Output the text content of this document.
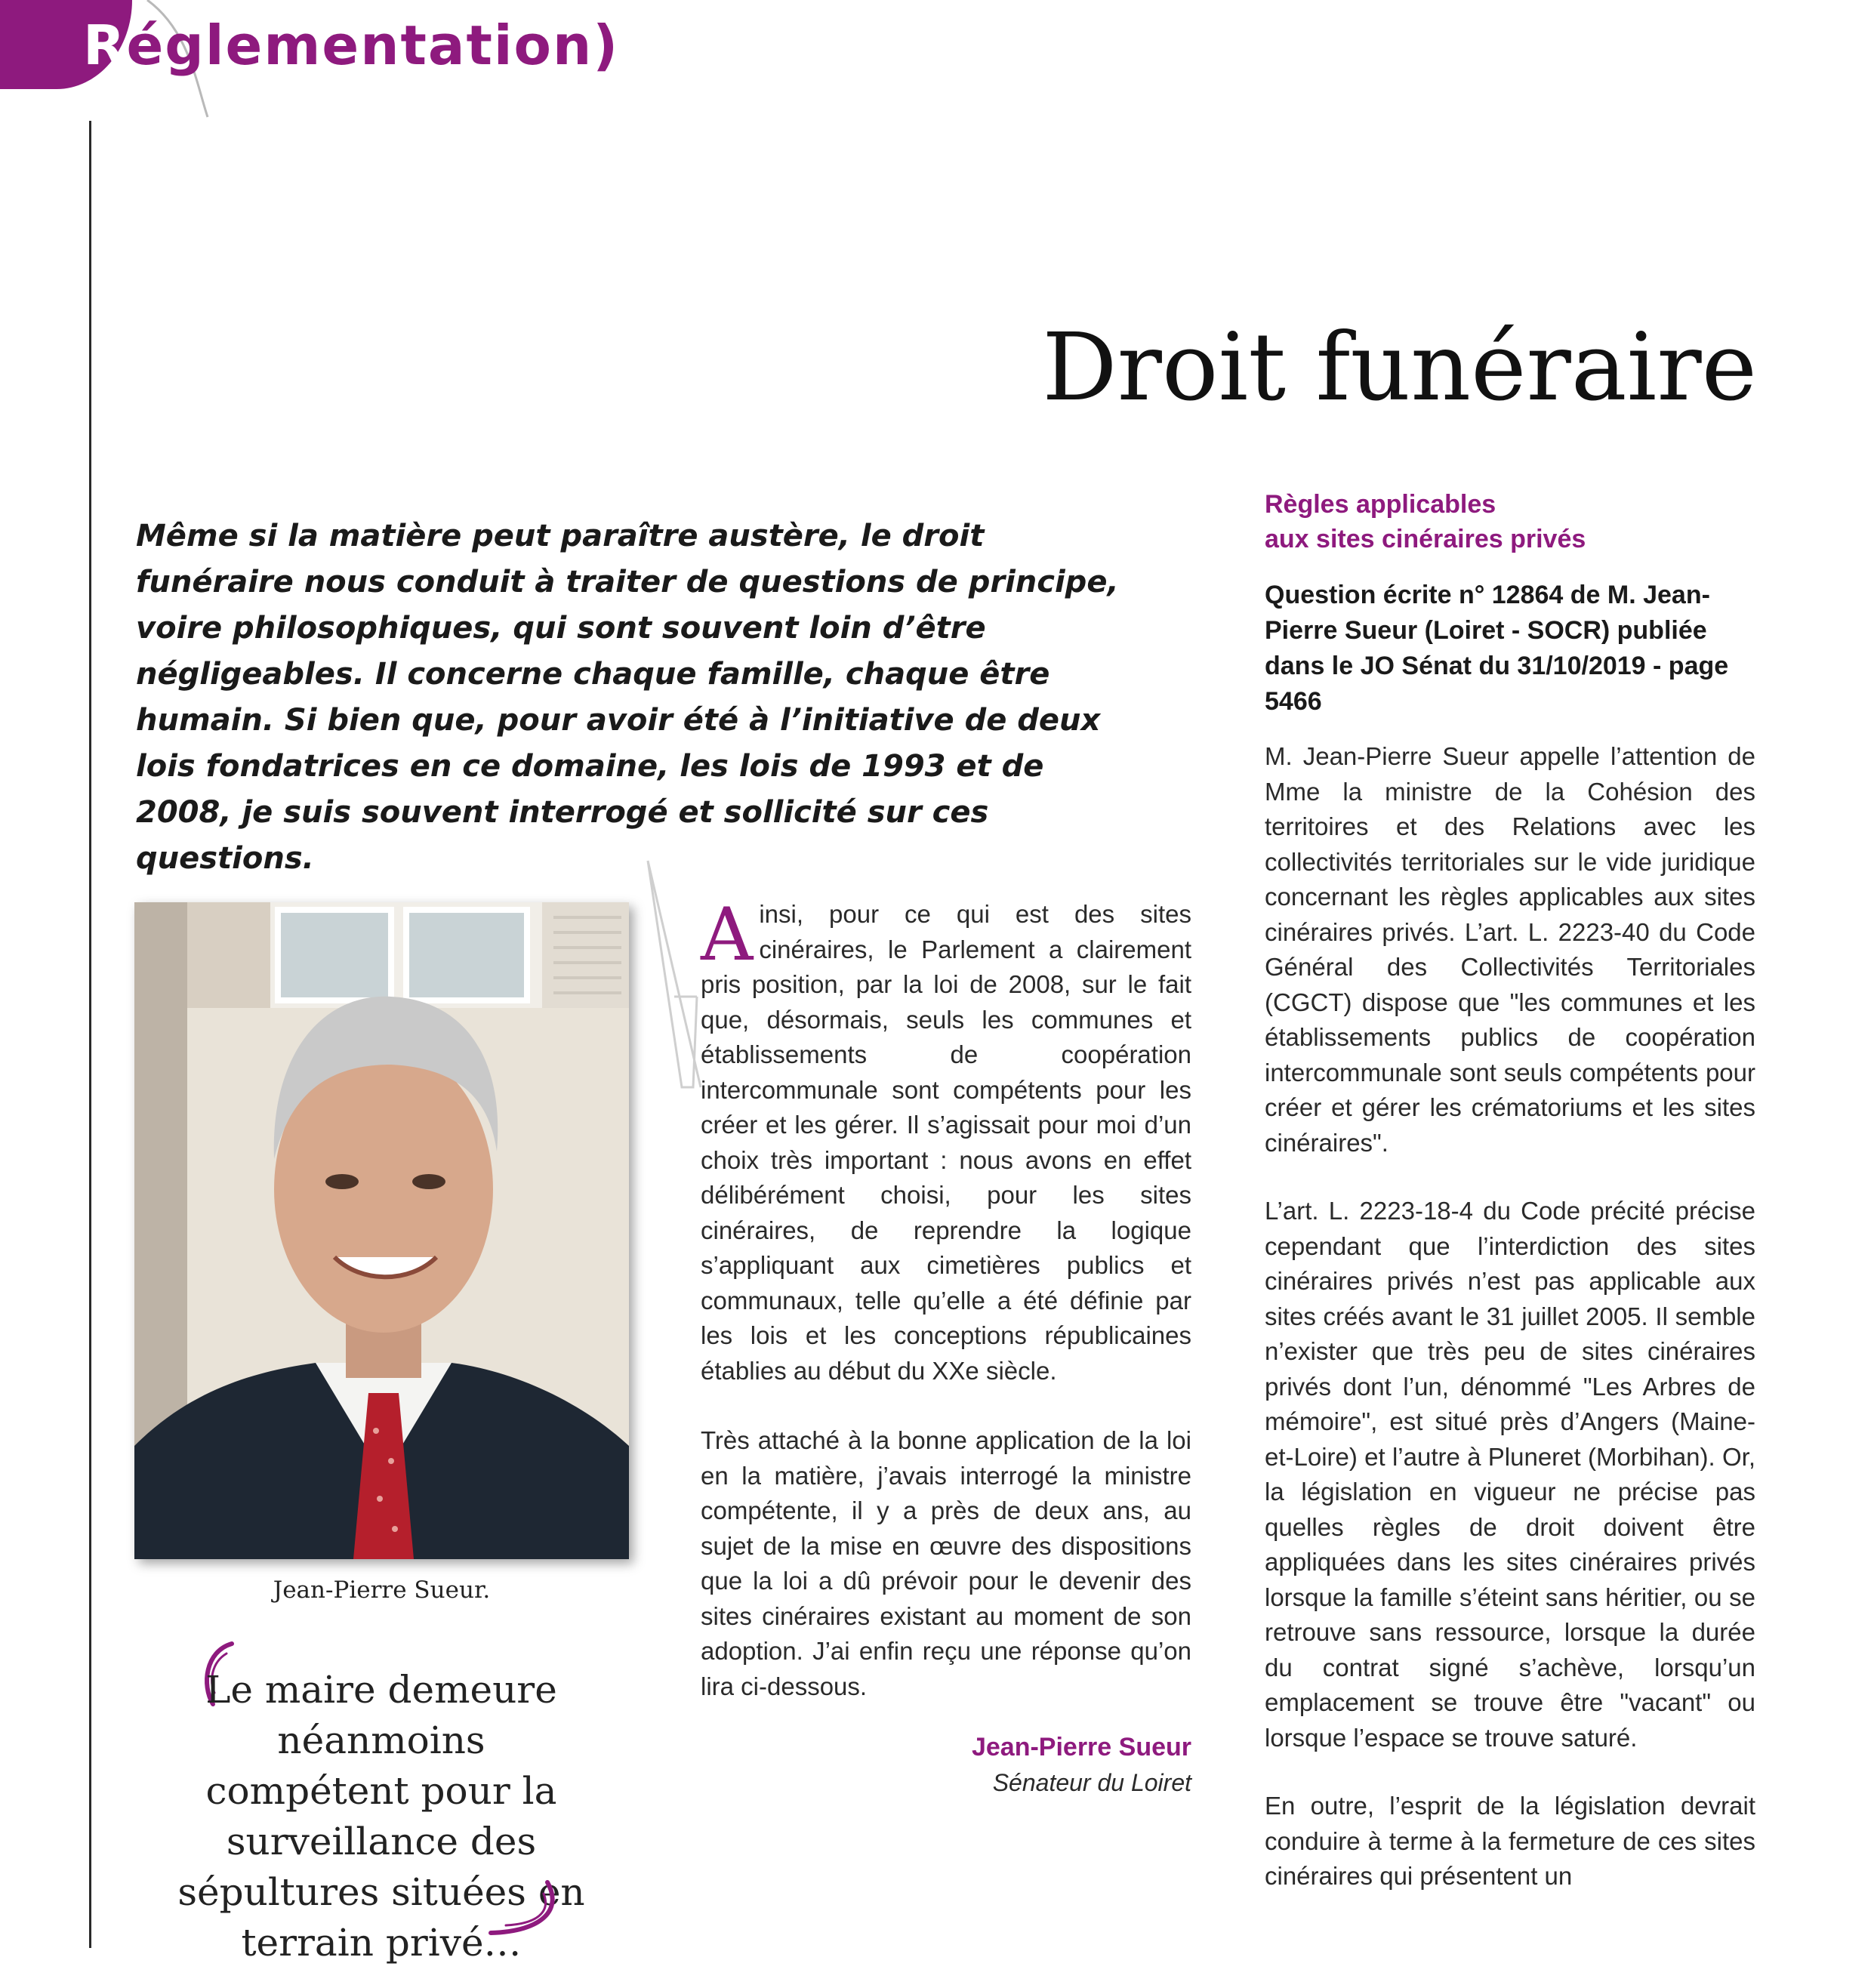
Réglementation)
Droit funéraire

Même si la matière peut paraître austère, le droit funéraire nous conduit à traiter de questions de principe, voire philosophiques, qui sont souvent loin d’être négligeables. Il concerne chaque famille, chaque être humain. Si bien que, pour avoir été à l’initiative de deux lois fondatrices en ce domaine, les lois de 1993 et de 2008, je suis souvent interrogé et sollicité sur ces questions.

Jean-Pierre Sueur.

Le maire demeure néanmoins compétent pour la surveillance des sépultures situées en terrain privé…

Ainsi, pour ce qui est des sites cinéraires, le Parlement a clairement pris position, par la loi de 2008, sur le fait que, désormais, seuls les communes et établissements de coopération intercommunale sont compétents pour les créer et les gérer. Il s’agissait pour moi d’un choix très important : nous avons en effet délibérément choisi, pour les sites cinéraires, de reprendre la logique s’appliquant aux cimetières publics et communaux, telle qu’elle a été définie par les lois et les conceptions républicaines établies au début du XXe siècle.

Très attaché à la bonne application de la loi en la matière, j’avais interrogé la ministre compétente, il y a près de deux ans, au sujet de la mise en œuvre des dispositions que la loi a dû prévoir pour le devenir des sites cinéraires existant au moment de son adoption. J’ai enfin reçu une réponse qu’on lira ci-dessous.

Jean-Pierre Sueur

Sénateur du Loiret

Règles applicables
aux sites cinéraires privés

Question écrite n° 12864 de M. Jean-Pierre Sueur (Loiret - SOCR) publiée dans le JO Sénat du 31/10/2019 - page 5466

M. Jean-Pierre Sueur appelle l’attention de Mme la ministre de la Cohésion des territoires et des Relations avec les collectivités territoriales sur le vide juridique concernant les règles applicables aux sites cinéraires privés. L’art. L. 2223-40 du Code Général des Collectivités Territoriales (CGCT) dispose que "les communes et les établissements publics de coopération intercommunale sont seuls compétents pour créer et gérer les crématoriums et les sites cinéraires".

L’art. L. 2223-18-4 du Code précité précise cependant que l’interdiction des sites cinéraires privés n’est pas applicable aux sites créés avant le 31 juillet 2005. Il semble n’exister que très peu de sites cinéraires privés dont l’un, dénommé "Les Arbres de mémoire", est situé près d’Angers (Maine-et-Loire) et l’autre à Pluneret (Morbihan). Or, la législation en vigueur ne précise pas quelles règles de droit doivent être appliquées dans les sites cinéraires privés lorsque la famille s’éteint sans héritier, ou se retrouve sans ressource, lorsque la durée du contrat signé s’achève, lorsqu’un emplacement se trouve être "vacant" ou lorsque l’espace se trouve saturé.

En outre, l’esprit de la législation devrait conduire à terme à la fermeture de ces sites cinéraires qui présentent un
